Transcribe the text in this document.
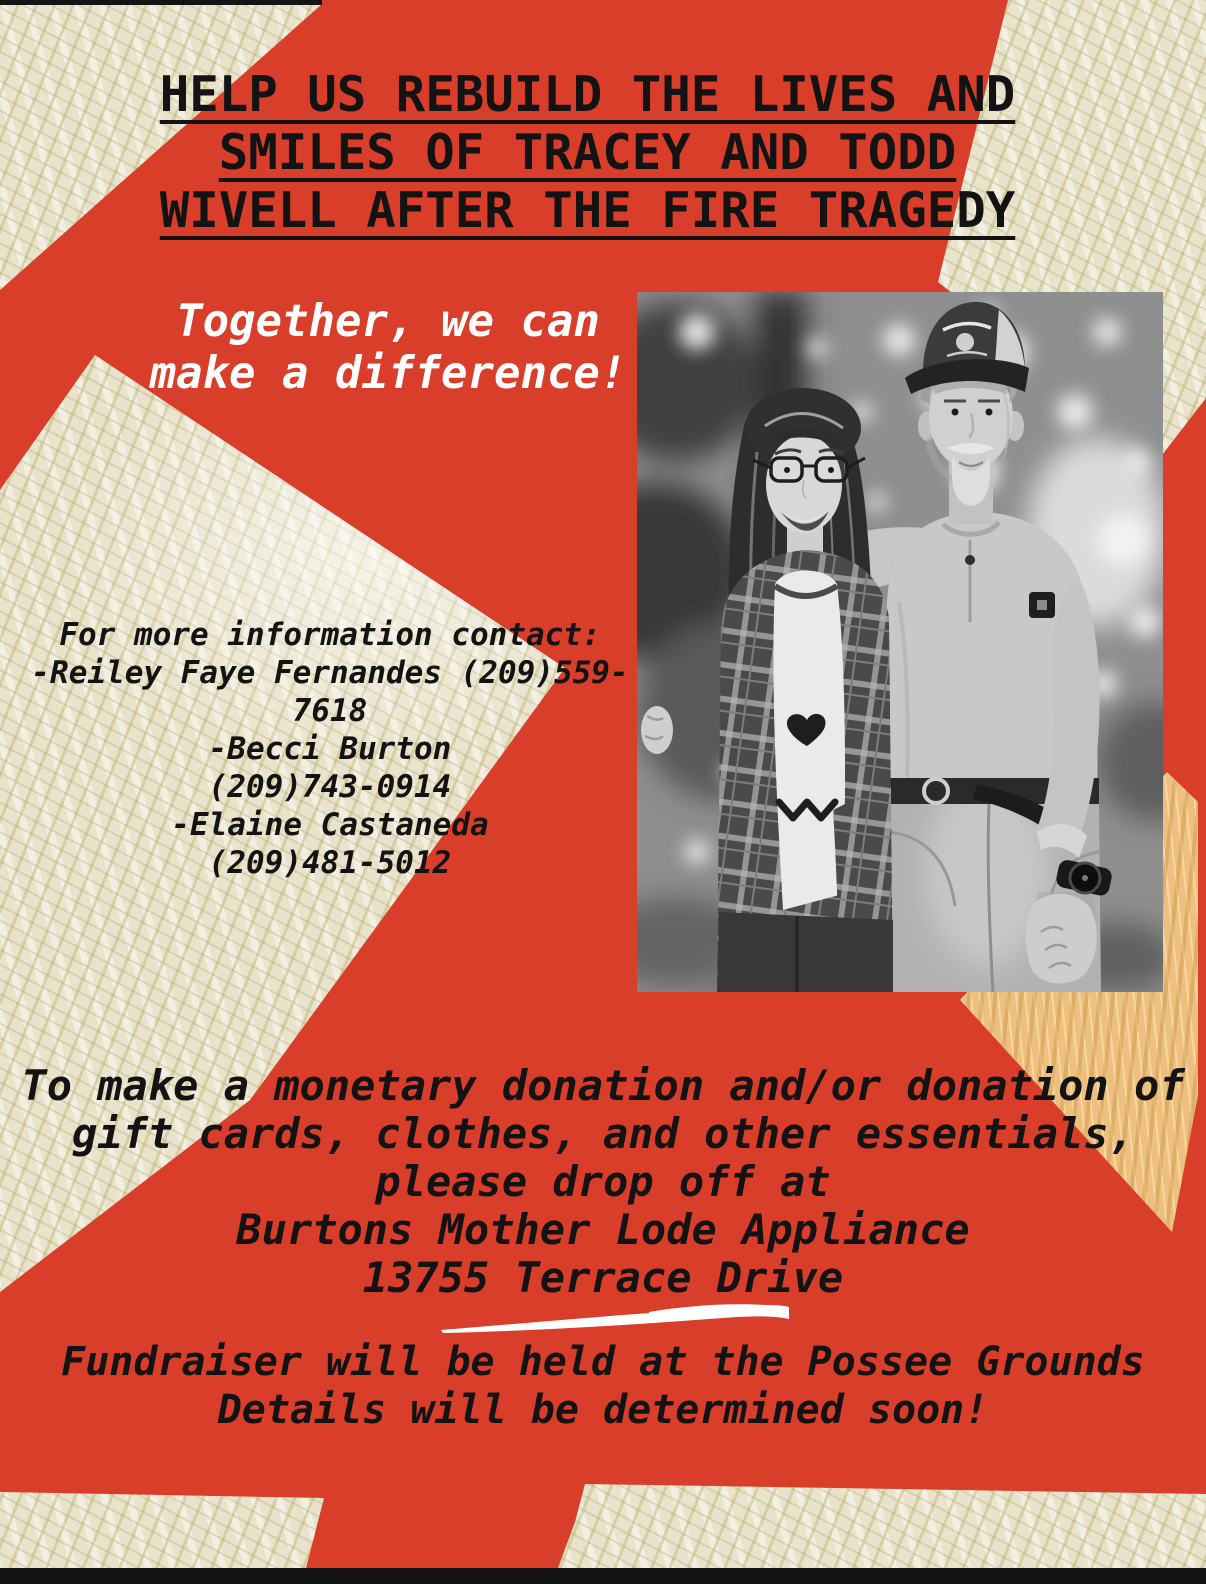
HELP US REBUILD THE LIVES AND
SMILES OF TRACEY AND TODD
WIVELL AFTER THE FIRE TRAGEDY
Together, we can
make a difference!
For more information contact:
-Reiley Faye Fernandes (209)559-
7618
-Becci Burton
(209)743-0914
-Elaine Castaneda
(209)481-5012
To make a monetary donation and/or donation of
gift cards, clothes, and other essentials,
please drop off at
Burtons Mother Lode Appliance
13755 Terrace Drive
Fundraiser will be held at the Possee Grounds
Details will be determined soon!
